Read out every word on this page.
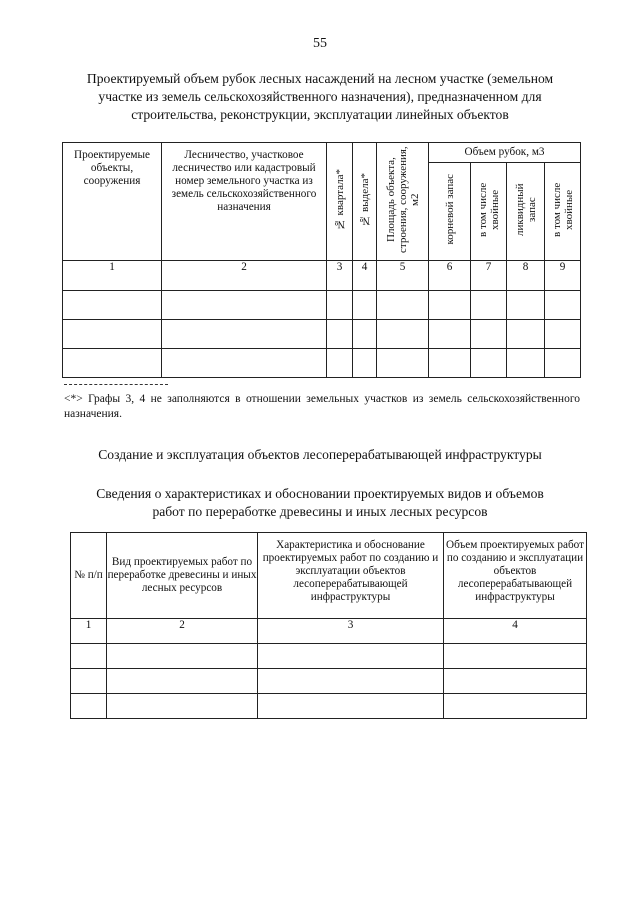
55
Проектируемый объем рубок лесных насаждений на лесном участке (земельном
участке из земель сельскохозяйственного назначения), предназначенном для
строительства, реконструкции, эксплуатации линейных объектов
Проектируемые объекты, сооружения	Лесничество, участковое лесничество или кадастровый номер земельного участка из земель сельскохозяйственного назначения	№ квартала*	№ выдела*	Площадь объекта, строения, сооружения, м2	Объем рубок, м3			
					корневой запас	в том числе хвойные	ликвидный запас	в том числе хвойные
1	2	3	4	5	6	7	8	9

<*> Графы 3, 4 не заполняются в отношении земельных участков из земель сельскохозяйственного назначения.
Создание и эксплуатация объектов лесоперерабатывающей инфраструктуры
Сведения о характеристиках и обосновании проектируемых видов и объемов
работ по переработке древесины и иных лесных ресурсов
№ п/п	Вид проектируемых работ по переработке древесины и иных лесных ресурсов	Характеристика и обоснование проектируемых работ по созданию и эксплуатации объектов лесоперерабатывающей инфраструктуры	Объем проектируемых работ по созданию и эксплуатации объектов лесоперерабатывающей инфраструктуры
1	2	3	4
